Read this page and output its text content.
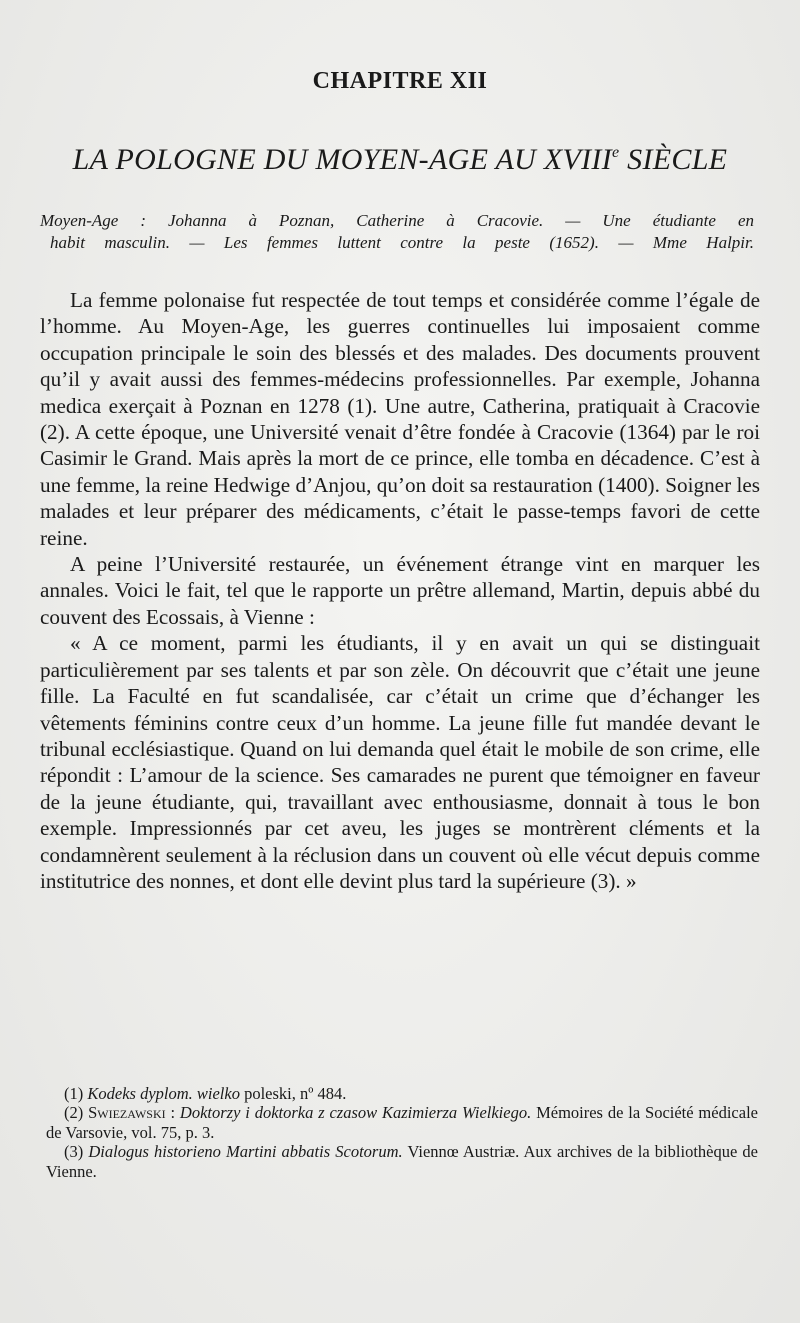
CHAPITRE XII
LA POLOGNE DU MOYEN-AGE AU XVIIIe SIÈCLE
Moyen-Age : Johanna à Poznan, Catherine à Cracovie. — Une étudiante en
habit masculin. — Les femmes luttent contre la peste (1652). — Mme Halpir.

La femme polonaise fut respectée de tout temps et considérée comme l’égale de l’homme. Au Moyen-Age, les guerres continuelles lui imposaient comme occupation principale le soin des blessés et des malades. Des documents prouvent qu’il y avait aussi des femmes-médecins professionnelles. Par exemple, Johanna medica exerçait à Poznan en 1278 (1). Une autre, Catherina, pratiquait à Cracovie (2). A cette époque, une Université venait d’être fondée à Cracovie (1364) par le roi Casimir le Grand. Mais après la mort de ce prince, elle tomba en décadence. C’est à une femme, la reine Hedwige d’Anjou, qu’on doit sa restauration (1400). Soigner les malades et leur préparer des médicaments, c’était le passe-temps favori de cette reine.

A peine l’Université restaurée, un événement étrange vint en marquer les annales. Voici le fait, tel que le rapporte un prêtre allemand, Martin, depuis abbé du couvent des Ecossais, à Vienne :

« A ce moment, parmi les étudiants, il y en avait un qui se distinguait particulièrement par ses talents et par son zèle. On découvrit que c’était une jeune fille. La Faculté en fut scandalisée, car c’était un crime que d’échanger les vêtements féminins contre ceux d’un homme. La jeune fille fut mandée devant le tribunal ecclésiastique. Quand on lui demanda quel était le mobile de son crime, elle répondit : L’amour de la science. Ses camarades ne purent que témoigner en faveur de la jeune étudiante, qui, travaillant avec enthousiasme, donnait à tous le bon exemple. Impressionnés par cet aveu, les juges se montrèrent cléments et la condamnèrent seulement à la réclusion dans un couvent où elle vécut depuis comme institutrice des nonnes, et dont elle devint plus tard la supérieure (3). »

(1) Kodeks dyplom. wielko poleski, nº 484.

(2) Swiezawski : Doktorzy i doktorka z czasow Kazimierza Wielkiego. Mémoires de la Société médicale de Varsovie, vol. 75, p. 3.

(3) Dialogus historieno Martini abbatis Scotorum. Viennœ Austriæ. Aux archives de la bibliothèque de Vienne.
